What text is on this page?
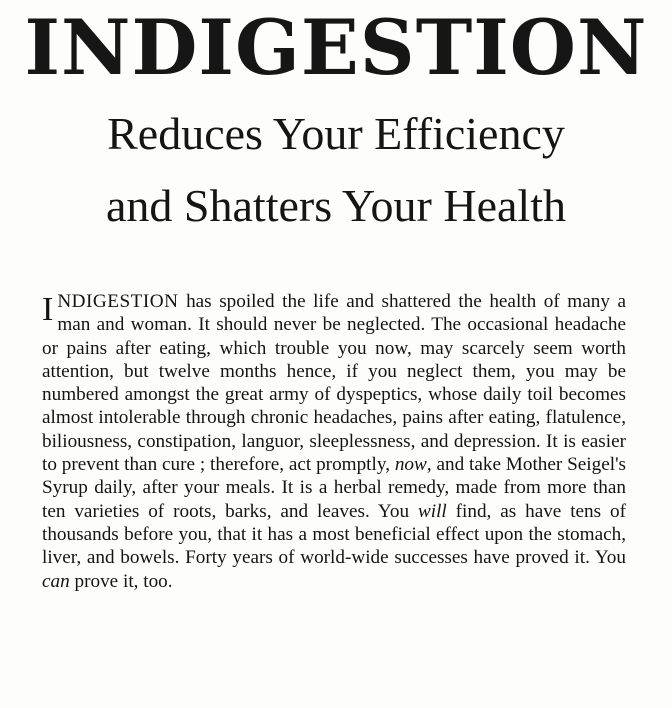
INDIGESTION
Reduces Your Efficiency
and Shatters Your Health

INDIGESTION has spoiled the life and shattered the health of many a man and woman. It should never be neglected. The occasional headache or pains after eating, which trouble you now, may scarcely seem worth attention, but twelve months hence, if you neglect them, you may be numbered amongst the great army of dyspeptics, whose daily toil becomes almost intolerable through chronic headaches, pains after eating, flatulence, biliousness, constipation, languor, sleeplessness, and depression. It is easier to prevent than cure ; therefore, act promptly, now, and take Mother Seigel's Syrup daily, after your meals. It is a herbal remedy, made from more than ten varieties of roots, barks, and leaves. You will find, as have tens of thousands before you, that it has a most beneficial effect upon the stomach, liver, and bowels. Forty years of world-wide successes have proved it. You can prove it, too.
